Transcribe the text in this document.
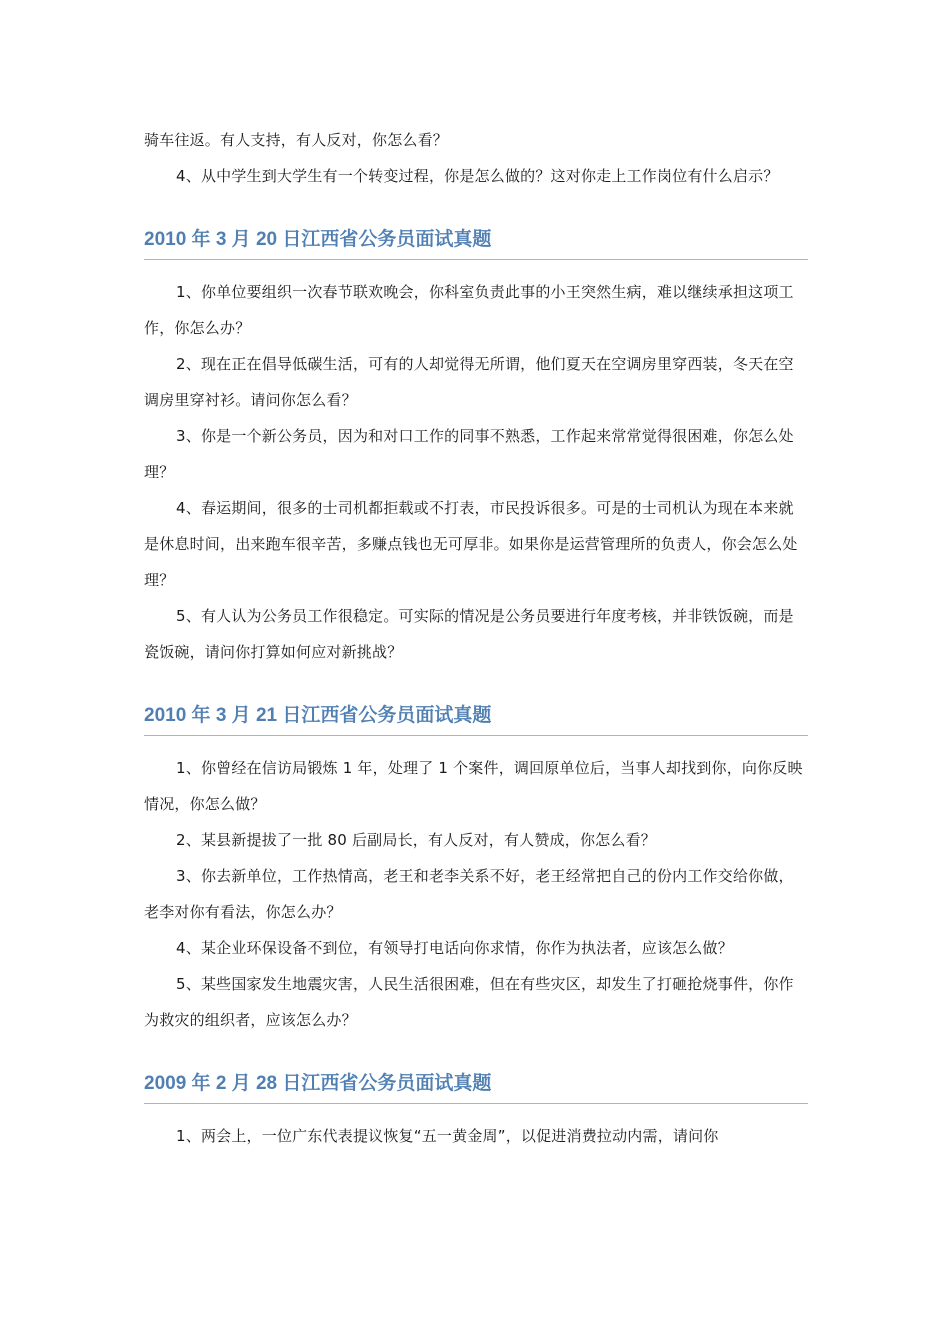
骑车往返。有人支持，有人反对，你怎么看？

4、从中学生到大学生有一个转变过程，你是怎么做的？这对你走上工作岗位有什么启示？

2010 年 3 月 20 日江西省公务员面试真题

1、你单位要组织一次春节联欢晚会，你科室负责此事的小王突然生病，难以继续承担这项工作，你怎么办？

2、现在正在倡导低碳生活，可有的人却觉得无所谓，他们夏天在空调房里穿西装，冬天在空调房里穿衬衫。请问你怎么看？

3、你是一个新公务员，因为和对口工作的同事不熟悉，工作起来常常觉得很困难，你怎么处理？

4、春运期间，很多的士司机都拒载或不打表，市民投诉很多。可是的士司机认为现在本来就是休息时间，出来跑车很辛苦，多赚点钱也无可厚非。如果你是运营管理所的负责人，你会怎么处理？

5、有人认为公务员工作很稳定。可实际的情况是公务员要进行年度考核，并非铁饭碗，而是瓷饭碗，请问你打算如何应对新挑战？

2010 年 3 月 21 日江西省公务员面试真题

1、你曾经在信访局锻炼 1 年，处理了 1 个案件，调回原单位后，当事人却找到你，向你反映情况，你怎么做？

2、某县新提拔了一批 80 后副局长，有人反对，有人赞成，你怎么看？

3、你去新单位，工作热情高，老王和老李关系不好，老王经常把自己的份内工作交给你做，老李对你有看法，你怎么办？

4、某企业环保设备不到位，有领导打电话向你求情，你作为执法者，应该怎么做？

5、某些国家发生地震灾害，人民生活很困难，但在有些灾区，却发生了打砸抢烧事件，你作为救灾的组织者，应该怎么办？

2009 年 2 月 28 日江西省公务员面试真题

1、两会上，一位广东代表提议恢复“五一黄金周”，以促进消费拉动内需，请问你
